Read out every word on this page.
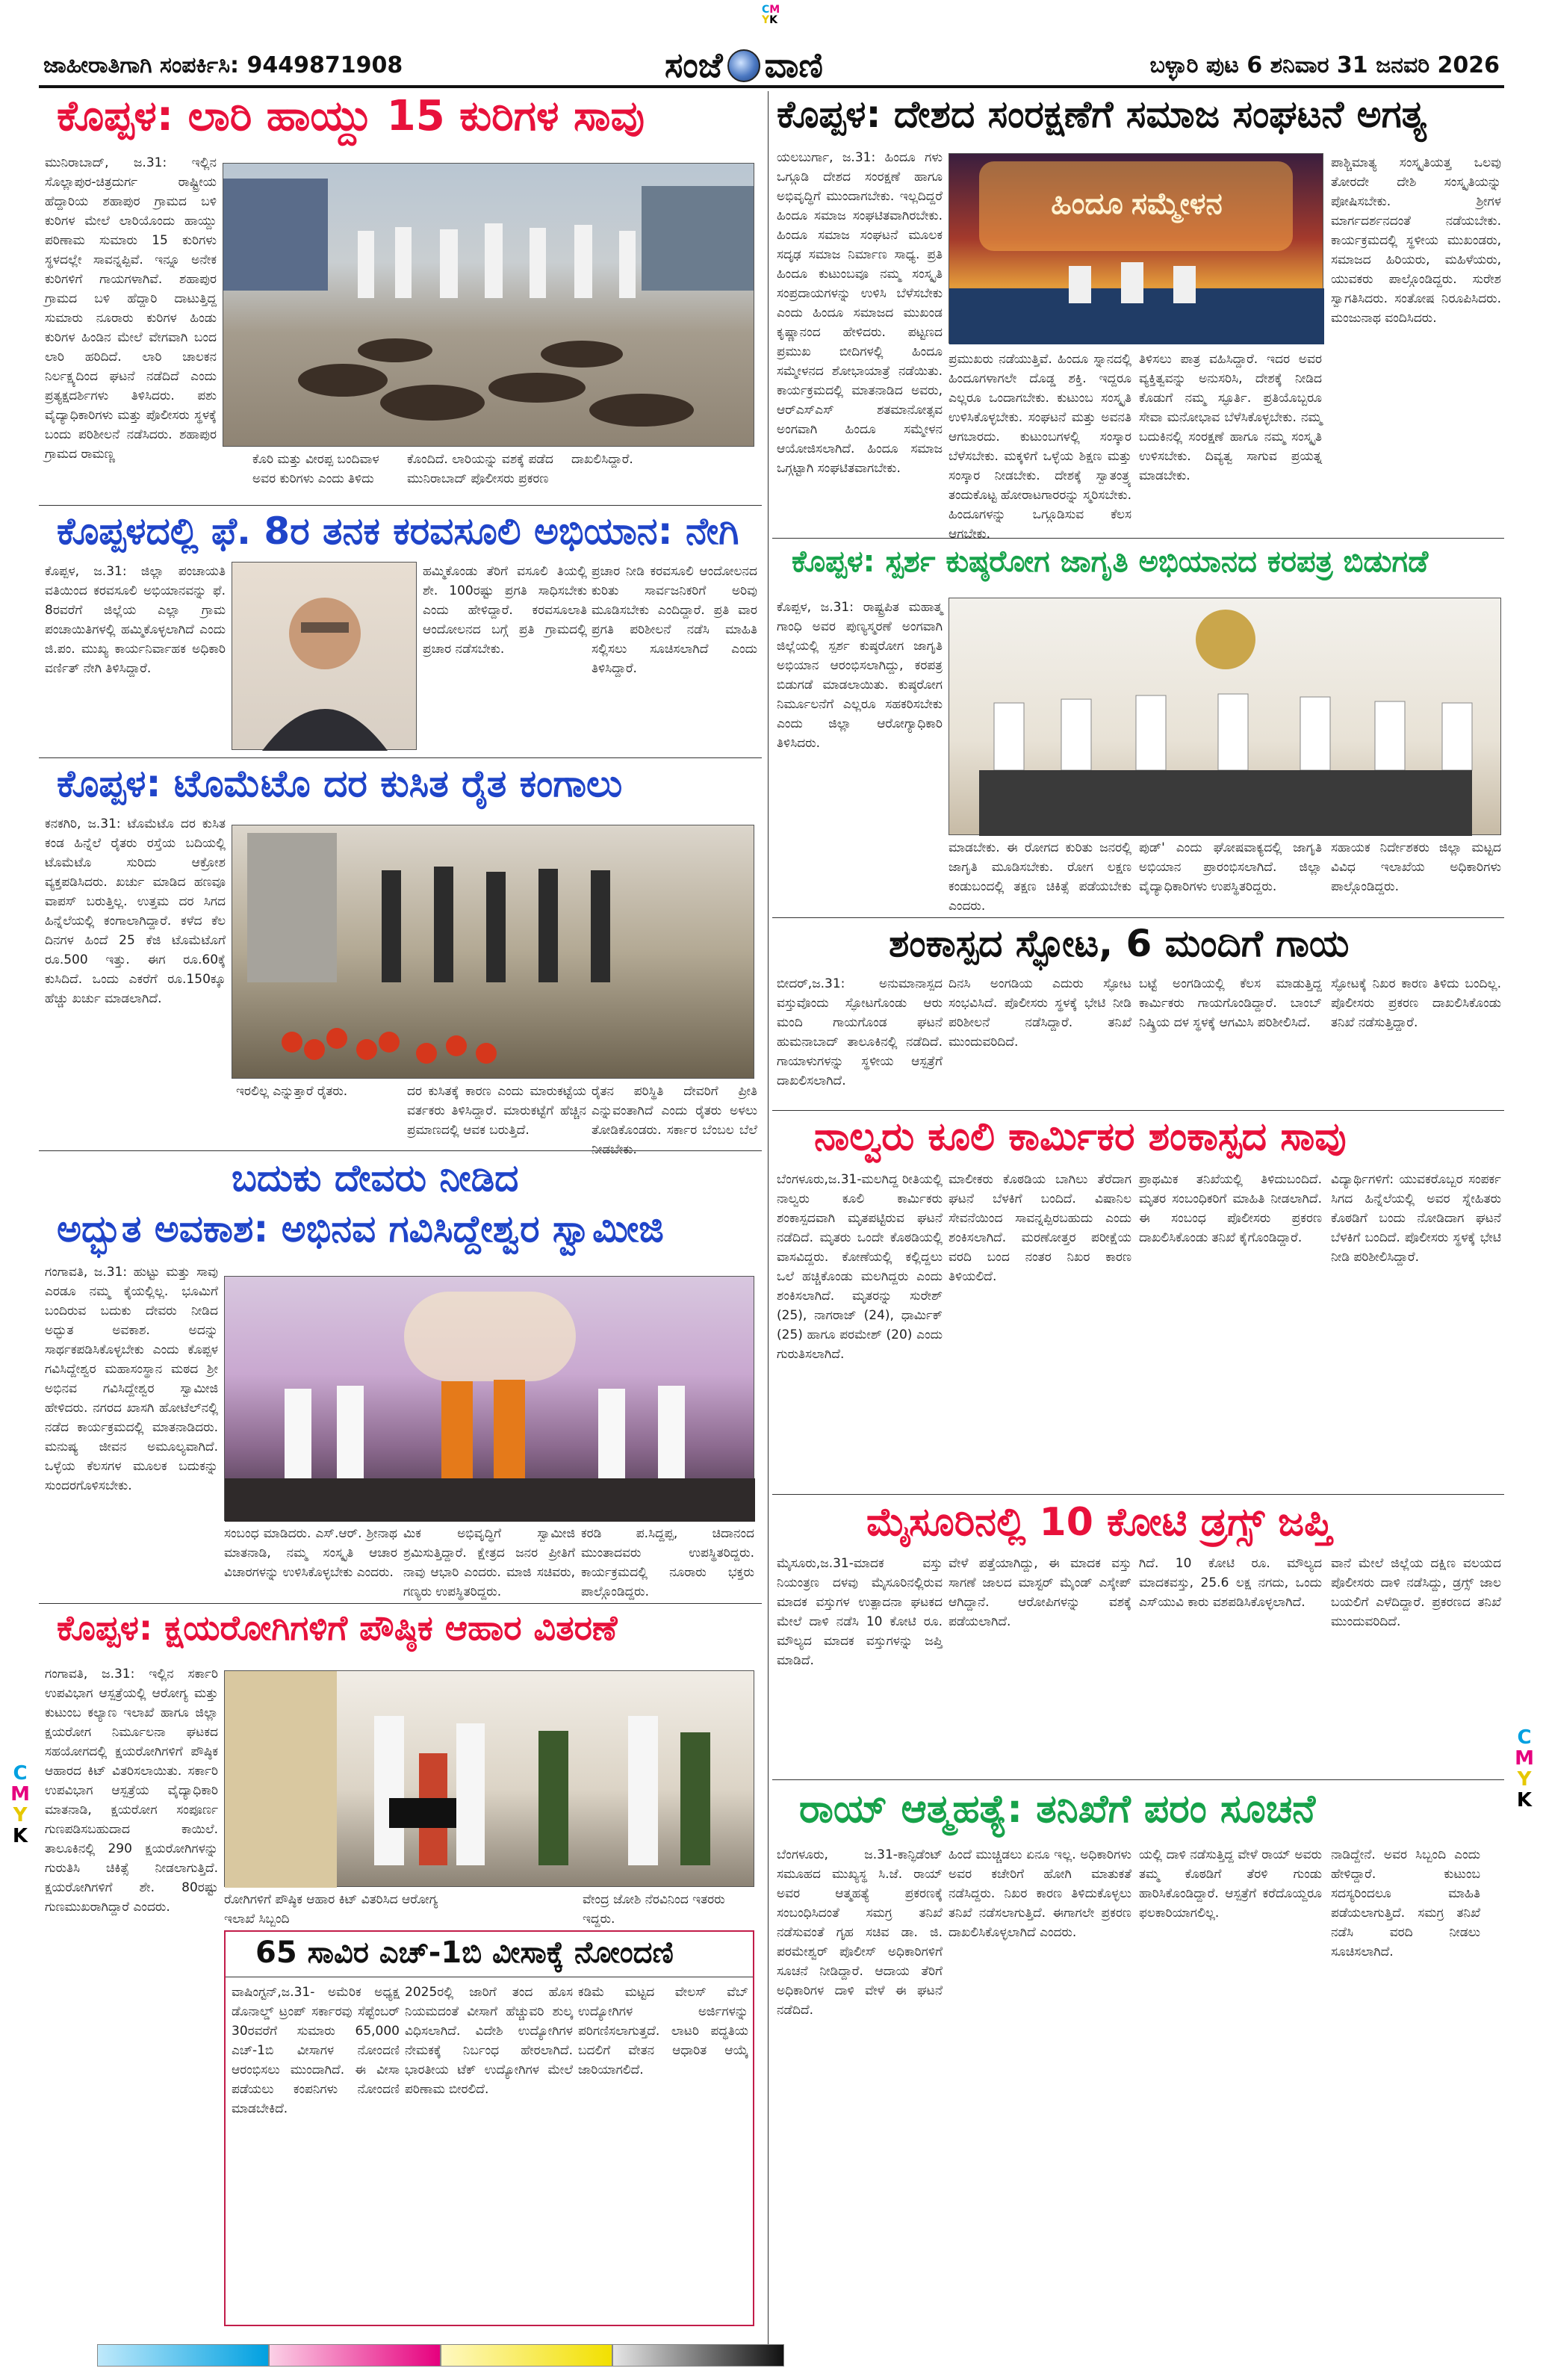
CM
YK
ಜಾಹೀರಾತಿಗಾಗಿ ಸಂಪರ್ಕಿಸಿ: 9449871908	ಸಂಜೆ ವಾಣಿ	ಬಳ್ಳಾರಿ ಪುಟ 6 ಶನಿವಾರ 31 ಜನವರಿ 2026
ಕೊಪ್ಪಳ: ಲಾರಿ ಹಾಯ್ದು 15 ಕುರಿಗಳ ಸಾವು
ಮುನಿರಾಬಾದ್, ಜ.31: ಇಲ್ಲಿನ ಸೊಲ್ಲಾಪುರ-ಚಿತ್ರದುರ್ಗ ರಾಷ್ಟ್ರೀಯ ಹೆದ್ದಾರಿಯ ಶಹಾಪುರ ಗ್ರಾಮದ ಬಳಿ ಕುರಿಗಳ ಮೇಲೆ ಲಾರಿಯೊಂದು ಹಾಯ್ದು ಪರಿಣಾಮ ಸುಮಾರು 15 ಕುರಿಗಳು ಸ್ಥಳದಲ್ಲೇ ಸಾವನ್ನಪ್ಪಿವೆ. ಇನ್ನೂ ಅನೇಕ ಕುರಿಗಳಿಗೆ ಗಾಯಗಳಾಗಿವೆ. ಶಹಾಪುರ ಗ್ರಾಮದ ಬಳಿ ಹೆದ್ದಾರಿ ದಾಟುತ್ತಿದ್ದ ಸುಮಾರು ನೂರಾರು ಕುರಿಗಳ ಹಿಂಡು ಕುರಿಗಳ ಹಿಂಡಿನ ಮೇಲೆ ವೇಗವಾಗಿ ಬಂದ ಲಾರಿ ಹರಿದಿದೆ. ಲಾರಿ ಚಾಲಕನ ನಿರ್ಲಕ್ಷ್ಯದಿಂದ ಘಟನೆ ನಡೆದಿದೆ ಎಂದು ಪ್ರತ್ಯಕ್ಷದರ್ಶಿಗಳು ತಿಳಿಸಿದರು. ಪಶು ವೈದ್ಯಾಧಿಕಾರಿಗಳು ಮತ್ತು ಪೊಲೀಸರು ಸ್ಥಳಕ್ಕೆ ಬಂದು ಪರಿಶೀಲನೆ ನಡೆಸಿದರು. ಶಹಾಪುರ ಗ್ರಾಮದ ರಾಮಣ್ಣ	ಕೊರಿ ಮತ್ತು ವೀರಪ್ಪ ಬಂದಿವಾಳ ಅವರ ಕುರಿಗಳು ಎಂದು ತಿಳಿದು
ಕೊಂದಿದೆ. ಲಾರಿಯನ್ನು ವಶಕ್ಕೆ ಪಡೆದ ಮುನಿರಾಬಾದ್ ಪೊಲೀಸರು ಪ್ರಕರಣ
ದಾಖಲಿಸಿದ್ದಾರೆ.
ಕೊಪ್ಪಳ: ದೇಶದ ಸಂರಕ್ಷಣೆಗೆ ಸಮಾಜ ಸಂಘಟನೆ ಅಗತ್ಯ
ಯಲಬುರ್ಗಾ, ಜ.31: ಹಿಂದೂ ಗಳು ಒಗ್ಗೂಡಿ ದೇಶದ ಸಂರಕ್ಷಣೆ ಹಾಗೂ ಅಭಿವೃದ್ಧಿಗೆ ಮುಂದಾಗಬೇಕು. ಇಲ್ಲದಿದ್ದರೆ ಹಿಂದೂ ಸಮಾಜ ಸಂಘಟಿತವಾಗಿರಬೇಕು. ಹಿಂದೂ ಸಮಾಜ ಸಂಘಟನೆ ಮೂಲಕ ಸದೃಢ ಸಮಾಜ ನಿರ್ಮಾಣ ಸಾಧ್ಯ. ಪ್ರತಿ ಹಿಂದೂ ಕುಟುಂಬವೂ ನಮ್ಮ ಸಂಸ್ಕೃತಿ ಸಂಪ್ರದಾಯಗಳನ್ನು ಉಳಿಸಿ ಬೆಳೆಸಬೇಕು ಎಂದು ಹಿಂದೂ ಸಮಾಜದ ಮುಖಂಡ ಕೃಷ್ಣಾನಂದ ಹೇಳಿದರು. ಪಟ್ಟಣದ ಪ್ರಮುಖ ಬೀದಿಗಳಲ್ಲಿ ಹಿಂದೂ ಸಮ್ಮೇಳನದ ಶೋಭಾಯಾತ್ರೆ ನಡೆಯಿತು. ಕಾರ್ಯಕ್ರಮದಲ್ಲಿ ಮಾತನಾಡಿದ ಅವರು, ಆರ್‌ಎಸ್‌ಎಸ್ ಶತಮಾನೋತ್ಸವ ಅಂಗವಾಗಿ ಹಿಂದೂ ಸಮ್ಮೇಳನ ಆಯೋಜಿಸಲಾಗಿದೆ. ಹಿಂದೂ ಸಮಾಜ ಒಗ್ಗಟ್ಟಾಗಿ ಸಂಘಟಿತವಾಗಬೇಕು.
ಹಿಂದೂ ಸಮ್ಮೇಳನ
ಪ್ರಮುಖರು ನಡೆಯುತ್ತಿವೆ. ಹಿಂದೂ ಸ್ನಾನದಲ್ಲಿ ಹಿಂದೂಗಳಾಗಲೇ ದೊಡ್ಡ ಶಕ್ತಿ. ಇದ್ದರೂ ಎಲ್ಲರೂ ಒಂದಾಗಬೇಕು. ಕುಟುಂಬ ಸಂಸ್ಕೃತಿ ಉಳಿಸಿಕೊಳ್ಳಬೇಕು. ಸಂಘಟನೆ ಮತ್ತು ಅವನತಿ ಆಗಬಾರದು. ಕುಟುಂಬಗಳಲ್ಲಿ ಸಂಸ್ಕಾರ ಬೆಳೆಸಬೇಕು. ಮಕ್ಕಳಿಗೆ ಒಳ್ಳೆಯ ಶಿಕ್ಷಣ ಮತ್ತು ಸಂಸ್ಕಾರ ನೀಡಬೇಕು. ದೇಶಕ್ಕೆ ಸ್ವಾತಂತ್ರ್ಯ ತಂದುಕೊಟ್ಟ ಹೋರಾಟಗಾರರನ್ನು ಸ್ಮರಿಸಬೇಕು. ಹಿಂದೂಗಳನ್ನು ಒಗ್ಗೂಡಿಸುವ ಕೆಲಸ ಆಗಬೇಕು.
ತಿಳಿಸಲು ಪಾತ್ರ ವಹಿಸಿದ್ದಾರೆ. ಇದರ ಅವರ ವ್ಯಕ್ತಿತ್ವವನ್ನು ಅನುಸರಿಸಿ, ದೇಶಕ್ಕೆ ನೀಡಿದ ಕೊಡುಗೆ ನಮ್ಮ ಸ್ಫೂರ್ತಿ. ಪ್ರತಿಯೊಬ್ಬರೂ ಸೇವಾ ಮನೋಭಾವ ಬೆಳೆಸಿಕೊಳ್ಳಬೇಕು. ನಮ್ಮ ಬದುಕಿನಲ್ಲಿ ಸಂರಕ್ಷಣೆ ಹಾಗೂ ನಮ್ಮ ಸಂಸ್ಕೃತಿ ಉಳಿಸಬೇಕು. ದಿವ್ಯತ್ವ ಸಾಗುವ ಪ್ರಯತ್ನ ಮಾಡಬೇಕು.
ಪಾಶ್ಚಿಮಾತ್ಯ ಸಂಸ್ಕೃತಿಯತ್ತ ಒಲವು ತೋರದೇ ದೇಶಿ ಸಂಸ್ಕೃತಿಯನ್ನು ಪೋಷಿಸಬೇಕು. ಶ್ರೀಗಳ ಮಾರ್ಗದರ್ಶನದಂತೆ ನಡೆಯಬೇಕು. ಕಾರ್ಯಕ್ರಮದಲ್ಲಿ ಸ್ಥಳೀಯ ಮುಖಂಡರು, ಸಮಾಜದ ಹಿರಿಯರು, ಮಹಿಳೆಯರು, ಯುವಕರು ಪಾಲ್ಗೊಂಡಿದ್ದರು. ಸುರೇಶ ಸ್ವಾಗತಿಸಿದರು. ಸಂತೋಷ ನಿರೂಪಿಸಿದರು. ಮಂಜುನಾಥ ವಂದಿಸಿದರು.
ಕೊಪ್ಪಳದಲ್ಲಿ ಫೆ. 8ರ ತನಕ ಕರವಸೂಲಿ ಅಭಿಯಾನ: ನೇಗಿ
ಕೊಪ್ಪಳ, ಜ.31: ಜಿಲ್ಲಾ ಪಂಚಾಯತಿ ವತಿಯಿಂದ ಕರವಸೂಲಿ ಅಭಿಯಾನವನ್ನು ಫೆ. 8ರವರೆಗೆ ಜಿಲ್ಲೆಯ ಎಲ್ಲಾ ಗ್ರಾಮ ಪಂಚಾಯಿತಿಗಳಲ್ಲಿ ಹಮ್ಮಿಕೊಳ್ಳಲಾಗಿದೆ ಎಂದು ಜಿ.ಪಂ. ಮುಖ್ಯ ಕಾರ್ಯನಿರ್ವಾಹಕ ಅಧಿಕಾರಿ ವರ್ಣಿತ್ ನೇಗಿ ತಿಳಿಸಿದ್ದಾರೆ.
ಹಮ್ಮಿಕೊಂಡು ತೆರಿಗೆ ವಸೂಲಿ ತಿಯಲ್ಲಿ ಶೇ. 100ರಷ್ಟು ಪ್ರಗತಿ ಸಾಧಿಸಬೇಕು ಎಂದು ಹೇಳಿದ್ದಾರೆ. ಕರವಸೂಲಾತಿ ಆಂದೋಲನದ ಬಗ್ಗೆ ಪ್ರತಿ ಗ್ರಾಮದಲ್ಲಿ ಪ್ರಚಾರ ನಡೆಸಬೇಕು.
ಪ್ರಚಾರ ನೀಡಿ ಕರವಸೂಲಿ ಆಂದೋಲನದ ಕುರಿತು ಸಾರ್ವಜನಿಕರಿಗೆ ಅರಿವು ಮೂಡಿಸಬೇಕು ಎಂದಿದ್ದಾರೆ. ಪ್ರತಿ ವಾರ ಪ್ರಗತಿ ಪರಿಶೀಲನೆ ನಡೆಸಿ ಮಾಹಿತಿ ಸಲ್ಲಿಸಲು ಸೂಚಿಸಲಾಗಿದೆ ಎಂದು ತಿಳಿಸಿದ್ದಾರೆ.
ಕೊಪ್ಪಳ: ಸ್ಪರ್ಶ ಕುಷ್ಠರೋಗ ಜಾಗೃತಿ ಅಭಿಯಾನದ ಕರಪತ್ರ ಬಿಡುಗಡೆ
ಕೊಪ್ಪಳ, ಜ.31: ರಾಷ್ಟ್ರಪಿತ ಮಹಾತ್ಮ ಗಾಂಧಿ ಅವರ ಪುಣ್ಯಸ್ಮರಣೆ ಅಂಗವಾಗಿ ಜಿಲ್ಲೆಯಲ್ಲಿ ಸ್ಪರ್ಶ ಕುಷ್ಠರೋಗ ಜಾಗೃತಿ ಅಭಿಯಾನ ಆರಂಭಿಸಲಾಗಿದ್ದು, ಕರಪತ್ರ ಬಿಡುಗಡೆ ಮಾಡಲಾಯಿತು. ಕುಷ್ಠರೋಗ ನಿರ್ಮೂಲನೆಗೆ ಎಲ್ಲರೂ ಸಹಕರಿಸಬೇಕು ಎಂದು ಜಿಲ್ಲಾ ಆರೋಗ್ಯಾಧಿಕಾರಿ ತಿಳಿಸಿದರು.
ಮಾಡಬೇಕು. ಈ ರೋಗದ ಕುರಿತು ಜನರಲ್ಲಿ ಜಾಗೃತಿ ಮೂಡಿಸಬೇಕು. ರೋಗ ಲಕ್ಷಣ ಕಂಡುಬಂದಲ್ಲಿ ತಕ್ಷಣ ಚಿಕಿತ್ಸೆ ಪಡೆಯಬೇಕು ಎಂದರು.
ಪುಡ್' ಎಂದು ಘೋಷವಾಕ್ಯದಲ್ಲಿ ಜಾಗೃತಿ ಅಭಿಯಾನ ಪ್ರಾರಂಭಿಸಲಾಗಿದೆ. ಜಿಲ್ಲಾ ವೈದ್ಯಾಧಿಕಾರಿಗಳು ಉಪಸ್ಥಿತರಿದ್ದರು.
ಸಹಾಯಕ ನಿರ್ದೇಶಕರು ಜಿಲ್ಲಾ ಮಟ್ಟದ ವಿವಿಧ ಇಲಾಖೆಯ ಅಧಿಕಾರಿಗಳು ಪಾಲ್ಗೊಂಡಿದ್ದರು.
ಕೊಪ್ಪಳ: ಟೊಮೆಟೊ ದರ ಕುಸಿತ ರೈತ ಕಂಗಾಲು
ಕನಕಗಿರಿ, ಜ.31: ಟೊಮೆಟೊ ದರ ಕುಸಿತ ಕಂಡ ಹಿನ್ನೆಲೆ ರೈತರು ರಸ್ತೆಯ ಬದಿಯಲ್ಲಿ ಟೊಮೆಟೊ ಸುರಿದು ಆಕ್ರೋಶ ವ್ಯಕ್ತಪಡಿಸಿದರು. ಖರ್ಚು ಮಾಡಿದ ಹಣವೂ ವಾಪಸ್ ಬರುತ್ತಿಲ್ಲ. ಉತ್ತಮ ದರ ಸಿಗದ ಹಿನ್ನೆಲೆಯಲ್ಲಿ ಕಂಗಾಲಾಗಿದ್ದಾರೆ. ಕಳೆದ ಕೆಲ ದಿನಗಳ ಹಿಂದೆ 25 ಕೆಜಿ ಟೊಮೆಟೊಗೆ ರೂ.500 ಇತ್ತು. ಈಗ ರೂ.60ಕ್ಕೆ ಕುಸಿದಿದೆ. ಒಂದು ಎಕರೆಗೆ ರೂ.150ಕ್ಕೂ ಹೆಚ್ಚು ಖರ್ಚು ಮಾಡಲಾಗಿದೆ.
ಇರಲಿಲ್ಲ ಎನ್ನುತ್ತಾರೆ ರೈತರು.	ದರ ಕುಸಿತಕ್ಕೆ ಕಾರಣ ಎಂದು ಮಾರುಕಟ್ಟೆಯ ವರ್ತಕರು ತಿಳಿಸಿದ್ದಾರೆ. ಮಾರುಕಟ್ಟೆಗೆ ಹೆಚ್ಚಿನ ಪ್ರಮಾಣದಲ್ಲಿ ಆವಕ ಬರುತ್ತಿದೆ.
ರೈತನ ಪರಿಸ್ಥಿತಿ ದೇವರಿಗೆ ಪ್ರೀತಿ ಎನ್ನುವಂತಾಗಿದೆ ಎಂದು ರೈತರು ಅಳಲು ತೋಡಿಕೊಂಡರು. ಸರ್ಕಾರ ಬೆಂಬಲ ಬೆಲೆ ನೀಡಬೇಕು.
ಶಂಕಾಸ್ಪದ ಸ್ಫೋಟ, 6 ಮಂದಿಗೆ ಗಾಯ
ಬೀದರ್,ಜ.31: ಅನುಮಾನಾಸ್ಪದ ವಸ್ತುವೊಂದು ಸ್ಫೋಟಗೊಂಡು ಆರು ಮಂದಿ ಗಾಯಗೊಂಡ ಘಟನೆ ಹುಮನಾಬಾದ್ ತಾಲೂಕಿನಲ್ಲಿ ನಡೆದಿದೆ. ಗಾಯಾಳುಗಳನ್ನು ಸ್ಥಳೀಯ ಆಸ್ಪತ್ರೆಗೆ ದಾಖಲಿಸಲಾಗಿದೆ.
ದಿನಸಿ ಅಂಗಡಿಯ ಎದುರು ಸ್ಫೋಟ ಸಂಭವಿಸಿದೆ. ಪೊಲೀಸರು ಸ್ಥಳಕ್ಕೆ ಭೇಟಿ ನೀಡಿ ಪರಿಶೀಲನೆ ನಡೆಸಿದ್ದಾರೆ. ತನಿಖೆ ಮುಂದುವರಿದಿದೆ.
ಬಟ್ಟೆ ಅಂಗಡಿಯಲ್ಲಿ ಕೆಲಸ ಮಾಡುತ್ತಿದ್ದ ಕಾರ್ಮಿಕರು ಗಾಯಗೊಂಡಿದ್ದಾರೆ. ಬಾಂಬ್ ನಿಷ್ಕ್ರಿಯ ದಳ ಸ್ಥಳಕ್ಕೆ ಆಗಮಿಸಿ ಪರಿಶೀಲಿಸಿದೆ.
ಸ್ಫೋಟಕ್ಕೆ ನಿಖರ ಕಾರಣ ತಿಳಿದು ಬಂದಿಲ್ಲ. ಪೊಲೀಸರು ಪ್ರಕರಣ ದಾಖಲಿಸಿಕೊಂಡು ತನಿಖೆ ನಡೆಸುತ್ತಿದ್ದಾರೆ.
ಬದುಕು ದೇವರು ನೀಡಿದ
ಅದ್ಭುತ ಅವಕಾಶ: ಅಭಿನವ ಗವಿಸಿದ್ದೇಶ್ವರ ಸ್ವಾಮೀಜಿ
ಗಂಗಾವತಿ, ಜ.31: ಹುಟ್ಟು ಮತ್ತು ಸಾವು ಎರಡೂ ನಮ್ಮ ಕೈಯಲ್ಲಿಲ್ಲ. ಭೂಮಿಗೆ ಬಂದಿರುವ ಬದುಕು ದೇವರು ನೀಡಿದ ಅದ್ಭುತ ಅವಕಾಶ. ಅದನ್ನು ಸಾರ್ಥಕಪಡಿಸಿಕೊಳ್ಳಬೇಕು ಎಂದು ಕೊಪ್ಪಳ ಗವಿಸಿದ್ದೇಶ್ವರ ಮಹಾಸಂಸ್ಥಾನ ಮಠದ ಶ್ರೀ ಅಭಿನವ ಗವಿಸಿದ್ದೇಶ್ವರ ಸ್ವಾಮೀಜಿ ಹೇಳಿದರು. ನಗರದ ಖಾಸಗಿ ಹೋಟೆಲ್‌ನಲ್ಲಿ ನಡೆದ ಕಾರ್ಯಕ್ರಮದಲ್ಲಿ ಮಾತನಾಡಿದರು. ಮನುಷ್ಯ ಜೀವನ ಅಮೂಲ್ಯವಾಗಿದೆ. ಒಳ್ಳೆಯ ಕೆಲಸಗಳ ಮೂಲಕ ಬದುಕನ್ನು ಸುಂದರಗೊಳಿಸಬೇಕು.
ಸಂಬಂಧ ಮಾಡಿದರು. ಎಸ್.ಆರ್. ಶ್ರೀನಾಥ ಮಾತನಾಡಿ, ನಮ್ಮ ಸಂಸ್ಕೃತಿ ಆಚಾರ ವಿಚಾರಗಳನ್ನು ಉಳಿಸಿಕೊಳ್ಳಬೇಕು ಎಂದರು.
ಮಿಕ ಅಭಿವೃದ್ಧಿಗೆ ಸ್ವಾಮೀಜಿ ಶ್ರಮಿಸುತ್ತಿದ್ದಾರೆ. ಕ್ಷೇತ್ರದ ಜನರ ಪ್ರೀತಿಗೆ ನಾವು ಆಭಾರಿ ಎಂದರು. ಮಾಜಿ ಸಚಿವರು, ಗಣ್ಯರು ಉಪಸ್ಥಿತರಿದ್ದರು.
ಕರಡಿ ಪ.ಸಿದ್ದಪ್ಪ, ಚಿದಾನಂದ ಮುಂತಾದವರು ಉಪಸ್ಥಿತರಿದ್ದರು. ಕಾರ್ಯಕ್ರಮದಲ್ಲಿ ನೂರಾರು ಭಕ್ತರು ಪಾಲ್ಗೊಂಡಿದ್ದರು.
ನಾಲ್ವರು ಕೂಲಿ ಕಾರ್ಮಿಕರ ಶಂಕಾಸ್ಪದ ಸಾವು
ಬೆಂಗಳೂರು,ಜ.31-ಮಲಗಿದ್ದ ರೀತಿಯಲ್ಲಿ ನಾಲ್ವರು ಕೂಲಿ ಕಾರ್ಮಿಕರು ಶಂಕಾಸ್ಪದವಾಗಿ ಮೃತಪಟ್ಟಿರುವ ಘಟನೆ ನಡೆದಿದೆ. ಮೃತರು ಒಂದೇ ಕೊಠಡಿಯಲ್ಲಿ ವಾಸವಿದ್ದರು. ಕೋಣೆಯಲ್ಲಿ ಕಲ್ಲಿದ್ದಲು ಒಲೆ ಹಚ್ಚಿಕೊಂಡು ಮಲಗಿದ್ದರು ಎಂದು ಶಂಕಿಸಲಾಗಿದೆ. ಮೃತರನ್ನು ಸುರೇಶ್ (25), ನಾಗರಾಜ್ (24), ಧಾರ್ಮಿಕ್ (25) ಹಾಗೂ ಪರಮೇಶ್ (20) ಎಂದು ಗುರುತಿಸಲಾಗಿದೆ.
ಮಾಲೀಕರು ಕೊಠಡಿಯ ಬಾಗಿಲು ತೆರೆದಾಗ ಘಟನೆ ಬೆಳಕಿಗೆ ಬಂದಿದೆ. ವಿಷಾನಿಲ ಸೇವನೆಯಿಂದ ಸಾವನ್ನಪ್ಪಿರಬಹುದು ಎಂದು ಶಂಕಿಸಲಾಗಿದೆ. ಮರಣೋತ್ತರ ಪರೀಕ್ಷೆಯ ವರದಿ ಬಂದ ನಂತರ ನಿಖರ ಕಾರಣ ತಿಳಿಯಲಿದೆ.
ಪ್ರಾಥಮಿಕ ತನಿಖೆಯಲ್ಲಿ ತಿಳಿದುಬಂದಿದೆ. ಮೃತರ ಸಂಬಂಧಿಕರಿಗೆ ಮಾಹಿತಿ ನೀಡಲಾಗಿದೆ. ಈ ಸಂಬಂಧ ಪೊಲೀಸರು ಪ್ರಕರಣ ದಾಖಲಿಸಿಕೊಂಡು ತನಿಖೆ ಕೈಗೊಂಡಿದ್ದಾರೆ.
ವಿದ್ಯಾರ್ಥಿಗಳಿಗೆ: ಯುವಕರೊಬ್ಬರ ಸಂಪರ್ಕ ಸಿಗದ ಹಿನ್ನೆಲೆಯಲ್ಲಿ ಅವರ ಸ್ನೇಹಿತರು ಕೊಠಡಿಗೆ ಬಂದು ನೋಡಿದಾಗ ಘಟನೆ ಬೆಳಕಿಗೆ ಬಂದಿದೆ. ಪೊಲೀಸರು ಸ್ಥಳಕ್ಕೆ ಭೇಟಿ ನೀಡಿ ಪರಿಶೀಲಿಸಿದ್ದಾರೆ.
ಮೈಸೂರಿನಲ್ಲಿ 10 ಕೋಟಿ ಡ್ರಗ್ಸ್ ಜಪ್ತಿ
ಮೈಸೂರು,ಜ.31-ಮಾದಕ ವಸ್ತು ನಿಯಂತ್ರಣ ದಳವು ಮೈಸೂರಿನಲ್ಲಿರುವ ಮಾದಕ ವಸ್ತುಗಳ ಉತ್ಪಾದನಾ ಘಟಕದ ಮೇಲೆ ದಾಳಿ ನಡೆಸಿ 10 ಕೋಟಿ ರೂ. ಮೌಲ್ಯದ ಮಾದಕ ವಸ್ತುಗಳನ್ನು ಜಪ್ತಿ ಮಾಡಿದೆ.
ವೇಳೆ ಪತ್ತೆಯಾಗಿದ್ದು, ಈ ಮಾದಕ ವಸ್ತು ಸಾಗಣೆ ಜಾಲದ ಮಾಸ್ಟರ್ ಮೈಂಡ್ ಎಸ್ಕೇಪ್ ಆಗಿದ್ದಾನೆ. ಆರೋಪಿಗಳನ್ನು ವಶಕ್ಕೆ ಪಡೆಯಲಾಗಿದೆ.
ಗಿದೆ. 10 ಕೋಟಿ ರೂ. ಮೌಲ್ಯದ ಮಾದಕವಸ್ತು, 25.6 ಲಕ್ಷ ನಗದು, ಒಂದು ಎಸ್‌ಯುವಿ ಕಾರು ವಶಪಡಿಸಿಕೊಳ್ಳಲಾಗಿದೆ.
ವಾನೆ ಮೇಲೆ ಜಿಲ್ಲೆಯ ದಕ್ಷಿಣ ವಲಯದ ಪೊಲೀಸರು ದಾಳಿ ನಡೆಸಿದ್ದು, ಡ್ರಗ್ಸ್ ಜಾಲ ಬಯಲಿಗೆ ಎಳೆದಿದ್ದಾರೆ. ಪ್ರಕರಣದ ತನಿಖೆ ಮುಂದುವರಿದಿದೆ.
ಕೊಪ್ಪಳ: ಕ್ಷಯರೋಗಿಗಳಿಗೆ ಪೌಷ್ಠಿಕ ಆಹಾರ ವಿತರಣೆ
ಗಂಗಾವತಿ, ಜ.31: ಇಲ್ಲಿನ ಸರ್ಕಾರಿ ಉಪವಿಭಾಗ ಆಸ್ಪತ್ರೆಯಲ್ಲಿ ಆರೋಗ್ಯ ಮತ್ತು ಕುಟುಂಬ ಕಲ್ಯಾಣ ಇಲಾಖೆ ಹಾಗೂ ಜಿಲ್ಲಾ ಕ್ಷಯರೋಗ ನಿರ್ಮೂಲನಾ ಘಟಕದ ಸಹಯೋಗದಲ್ಲಿ ಕ್ಷಯರೋಗಿಗಳಿಗೆ ಪೌಷ್ಠಿಕ ಆಹಾರದ ಕಿಟ್ ವಿತರಿಸಲಾಯಿತು. ಸರ್ಕಾರಿ ಉಪವಿಭಾಗ ಆಸ್ಪತ್ರೆಯ ವೈದ್ಯಾಧಿಕಾರಿ ಮಾತನಾಡಿ, ಕ್ಷಯರೋಗ ಸಂಪೂರ್ಣ ಗುಣಪಡಿಸಬಹುದಾದ ಕಾಯಿಲೆ. ತಾಲೂಕಿನಲ್ಲಿ 290 ಕ್ಷಯರೋಗಿಗಳನ್ನು ಗುರುತಿಸಿ ಚಿಕಿತ್ಸೆ ನೀಡಲಾಗುತ್ತಿದೆ. ಕ್ಷಯರೋಗಿಗಳಿಗೆ ಶೇ. 80ರಷ್ಟು ಗುಣಮುಖರಾಗಿದ್ದಾರೆ ಎಂದರು.	ರೋಗಿಗಳಿಗೆ ಪೌಷ್ಠಿಕ ಆಹಾರ ಕಿಟ್ ವಿತರಿಸಿದ ಆರೋಗ್ಯ ಇಲಾಖೆ ಸಿಬ್ಬಂದಿ
ವೇಂದ್ರ ಜೋಶಿ ನೆರವಿನಿಂದ ಇತರರು ಇದ್ದರು.
65 ಸಾವಿರ ಎಚ್-1ಬಿ ವೀಸಾಕ್ಕೆ ನೋಂದಣಿ
ವಾಷಿಂಗ್ಟನ್,ಜ.31- ಅಮೆರಿಕ ಅಧ್ಯಕ್ಷ ಡೊನಾಲ್ಡ್ ಟ್ರಂಪ್ ಸರ್ಕಾರವು ಸೆಪ್ಟೆಂಬರ್ 30ರವರೆಗೆ ಸುಮಾರು 65,000 ಎಚ್-1ಬಿ ವೀಸಾಗಳ ನೋಂದಣಿ ಆರಂಭಿಸಲು ಮುಂದಾಗಿದೆ. ಈ ವೀಸಾ ಪಡೆಯಲು ಕಂಪನಿಗಳು ನೋಂದಣಿ ಮಾಡಬೇಕಿದೆ.
2025ರಲ್ಲಿ ಜಾರಿಗೆ ತಂದ ಹೊಸ ನಿಯಮದಂತೆ ವೀಸಾಗೆ ಹೆಚ್ಚುವರಿ ಶುಲ್ಕ ವಿಧಿಸಲಾಗಿದೆ. ವಿದೇಶಿ ಉದ್ಯೋಗಿಗಳ ನೇಮಕಕ್ಕೆ ನಿರ್ಬಂಧ ಹೇರಲಾಗಿದೆ. ಭಾರತೀಯ ಟೆಕ್ ಉದ್ಯೋಗಿಗಳ ಮೇಲೆ ಪರಿಣಾಮ ಬೀರಲಿದೆ.
ಕಡಿಮೆ ಮಟ್ಟದ ವೇಲಸ್ ವೆಬ್ ಉದ್ಯೋಗಿಗಳ ಅರ್ಜಿಗಳನ್ನು ಪರಿಗಣಿಸಲಾಗುತ್ತದೆ. ಲಾಟರಿ ಪದ್ಧತಿಯ ಬದಲಿಗೆ ವೇತನ ಆಧಾರಿತ ಆಯ್ಕೆ ಜಾರಿಯಾಗಲಿದೆ.
ರಾಯ್ ಆತ್ಮಹತ್ಯೆ: ತನಿಖೆಗೆ ಪರಂ ಸೂಚನೆ
ಬೆಂಗಳೂರು, ಜ.31-ಕಾನ್ಫಿಡೆಂಟ್ ಸಮೂಹದ ಮುಖ್ಯಸ್ಥ ಸಿ.ಜೆ. ರಾಯ್ ಅವರ ಆತ್ಮಹತ್ಯೆ ಪ್ರಕರಣಕ್ಕೆ ಸಂಬಂಧಿಸಿದಂತೆ ಸಮಗ್ರ ತನಿಖೆ ನಡೆಸುವಂತೆ ಗೃಹ ಸಚಿವ ಡಾ. ಜಿ. ಪರಮೇಶ್ವರ್ ಪೊಲೀಸ್ ಅಧಿಕಾರಿಗಳಿಗೆ ಸೂಚನೆ ನೀಡಿದ್ದಾರೆ. ಆದಾಯ ತೆರಿಗೆ ಅಧಿಕಾರಿಗಳ ದಾಳಿ ವೇಳೆ ಈ ಘಟನೆ ನಡೆದಿದೆ.
ಹಿಂದೆ ಮುಚ್ಚಿಡಲು ಏನೂ ಇಲ್ಲ. ಅಧಿಕಾರಿಗಳು ಅವರ ಕಚೇರಿಗೆ ಹೋಗಿ ಮಾತುಕತೆ ನಡೆಸಿದ್ದರು. ನಿಖರ ಕಾರಣ ತಿಳಿದುಕೊಳ್ಳಲು ತನಿಖೆ ನಡೆಸಲಾಗುತ್ತಿದೆ. ಈಗಾಗಲೇ ಪ್ರಕರಣ ದಾಖಲಿಸಿಕೊಳ್ಳಲಾಗಿದೆ ಎಂದರು.
ಯಲ್ಲಿ ದಾಳಿ ನಡೆಸುತ್ತಿದ್ದ ವೇಳೆ ರಾಯ್ ಅವರು ತಮ್ಮ ಕೊಠಡಿಗೆ ತೆರಳಿ ಗುಂಡು ಹಾರಿಸಿಕೊಂಡಿದ್ದಾರೆ. ಆಸ್ಪತ್ರೆಗೆ ಕರೆದೊಯ್ದರೂ ಫಲಕಾರಿಯಾಗಲಿಲ್ಲ.
ನಾಡಿದ್ದೇನೆ. ಅವರ ಸಿಬ್ಬಂದಿ ಎಂದು ಹೇಳಿದ್ದಾರೆ. ಕುಟುಂಬ ಸದಸ್ಯರಿಂದಲೂ ಮಾಹಿತಿ ಪಡೆಯಲಾಗುತ್ತಿದೆ. ಸಮಗ್ರ ತನಿಖೆ ನಡೆಸಿ ವರದಿ ನೀಡಲು ಸೂಚಿಸಲಾಗಿದೆ.
C
M
Y
K
C
M
Y
K
